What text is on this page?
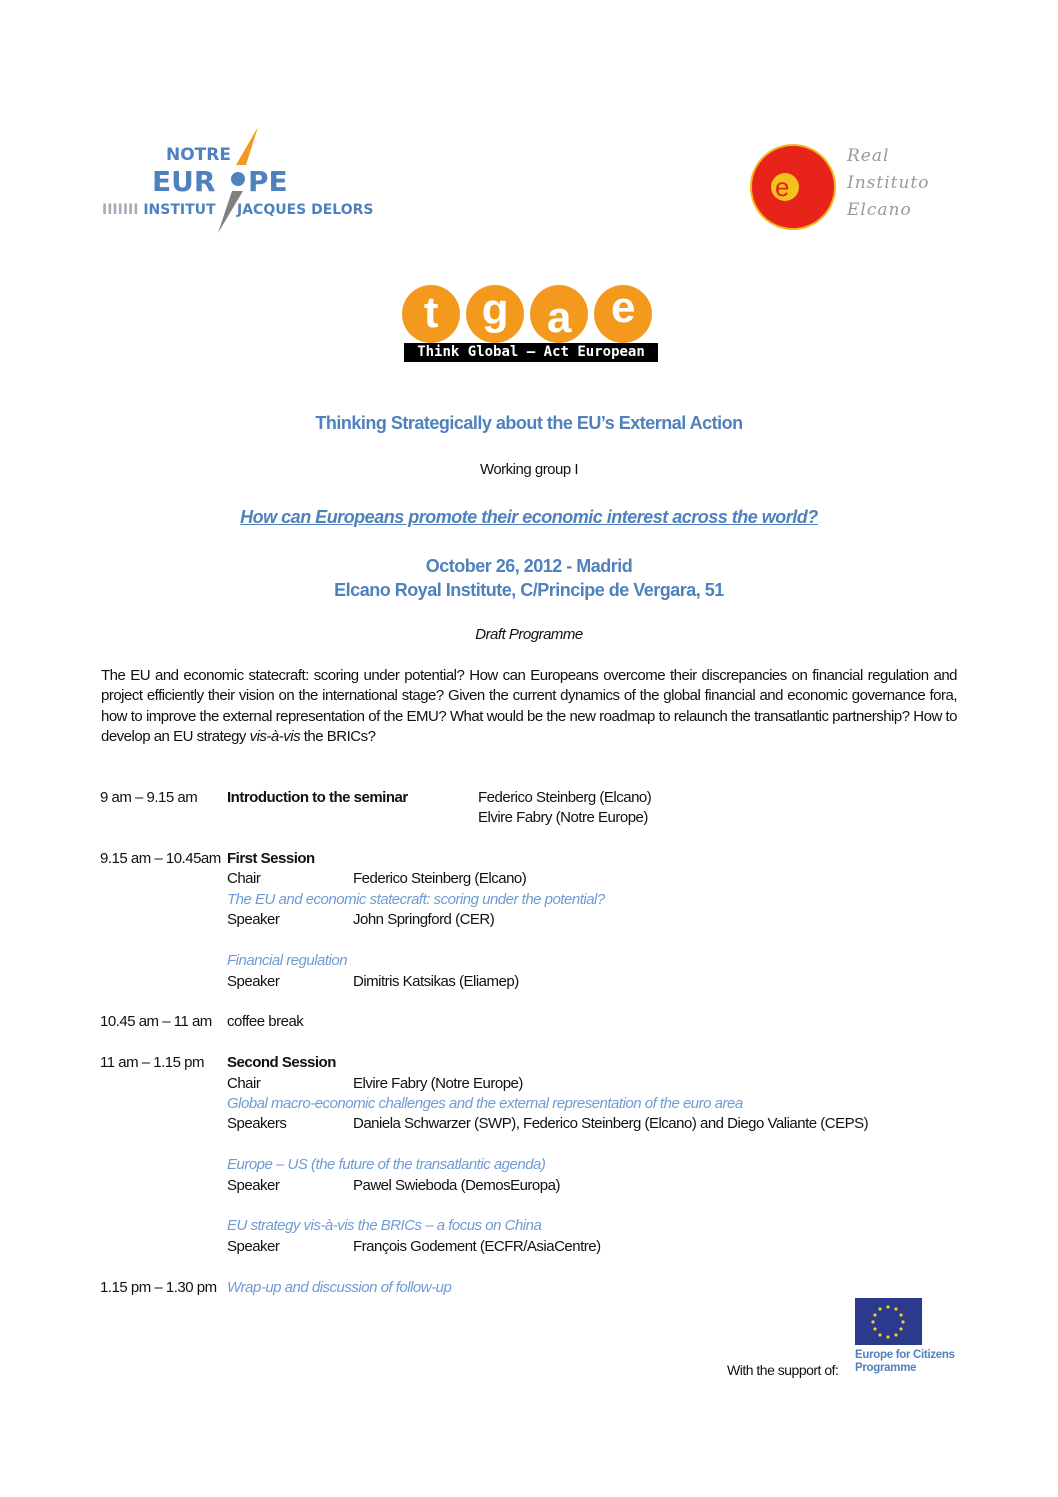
NOTRE
EUR PE
IIIIIII INSTITUT JACQUES DELORS
e
Real
Instituto
Elcano
t g a e
Think Global – Act European
Thinking Strategically about the EU’s External Action
Working group I
How can Europeans promote their economic interest across the world?
October 26, 2012 - Madrid
Elcano Royal Institute, C/Principe de Vergara, 51
Draft Programme
The EU and economic statecraft: scoring under potential? How can Europeans overcome their discrepancies on financial regulation and project efficiently their vision on the international stage? Given the current dynamics of the global financial and economic governance fora, how to improve the external representation of the EMU? What would be the new roadmap to relaunch the transatlantic partnership? How to develop an EU strategy vis-à-vis the BRICs?
9 am – 9.15 am Introduction to the seminar	Federico Steinberg (Elcano)
Elvire Fabry (Notre Europe)
9.15 am – 10.45am First Session
Chair	Federico Steinberg (Elcano)
The EU and economic statecraft: scoring under the potential?
Speaker	John Springford (CER)
Financial regulation
Speaker	Dimitris Katsikas (Eliamep)
10.45 am – 11 am coffee break
11 am – 1.15 pm Second Session
Chair	Elvire Fabry (Notre Europe)
Global macro-economic challenges and the external representation of the euro area
Speakers	Daniela Schwarzer (SWP), Federico Steinberg (Elcano) and Diego Valiante (CEPS)
Europe – US (the future of the transatlantic agenda)
Speaker	Pawel Swieboda (DemosEuropa)
EU strategy vis-à-vis the BRICs – a focus on China
Speaker	François Godement (ECFR/AsiaCentre)
1.15 pm – 1.30 pm Wrap-up and discussion of follow-up
With the support of:
Europe for Citizens
Programme
